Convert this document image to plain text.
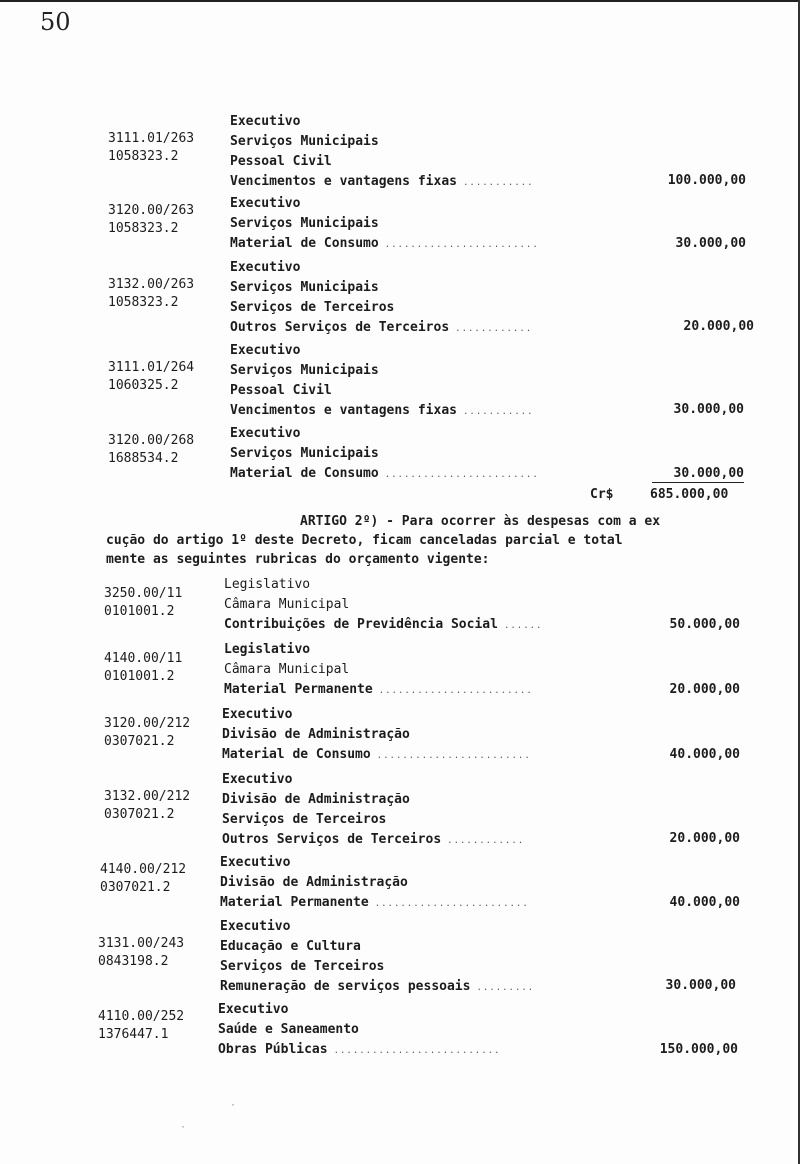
50
3111.01/263
1058323.2
Executivo
Serviços Municipais
Pessoal Civil
Vencimentos e vantagens fixas ...........	100.000,00
3120.00/263
1058323.2
Executivo
Serviços Municipais
Material de Consumo ........................	30.000,00
3132.00/263
1058323.2
Executivo
Serviços Municipais
Serviços de Terceiros
Outros Serviços de Terceiros ............	20.000,00
3111.01/264
1060325.2
Executivo
Serviços Municipais
Pessoal Civil
Vencimentos e vantagens fixas ...........	30.000,00
3120.00/268
1688534.2
Executivo
Serviços Municipais
Material de Consumo ........................	30.000,00
Cr$	685.000,00
ARTIGO 2º) - Para ocorrer às despesas com a ex
cução do artigo 1º deste Decreto, ficam canceladas parcial e total
mente as seguintes rubricas do orçamento vigente:
3250.00/11
0101001.2
Legislativo
Câmara Municipal
Contribuições de Previdência Social ......	50.000,00
4140.00/11
0101001.2
Legislativo
Câmara Municipal
Material Permanente ........................	20.000,00
3120.00/212
0307021.2
Executivo
Divisão de Administração
Material de Consumo ........................	40.000,00
3132.00/212
0307021.2
Executivo
Divisão de Administração
Serviços de Terceiros
Outros Serviços de Terceiros ............	20.000,00
4140.00/212
0307021.2
Executivo
Divisão de Administração
Material Permanente ........................	40.000,00
3131.00/243
0843198.2
Executivo
Educação e Cultura
Serviços de Terceiros
Remuneração de serviços pessoais .........	30.000,00
4110.00/252
1376447.1
Executivo
Saúde e Saneamento
Obras Públicas ..........................	150.000,00
·
·
